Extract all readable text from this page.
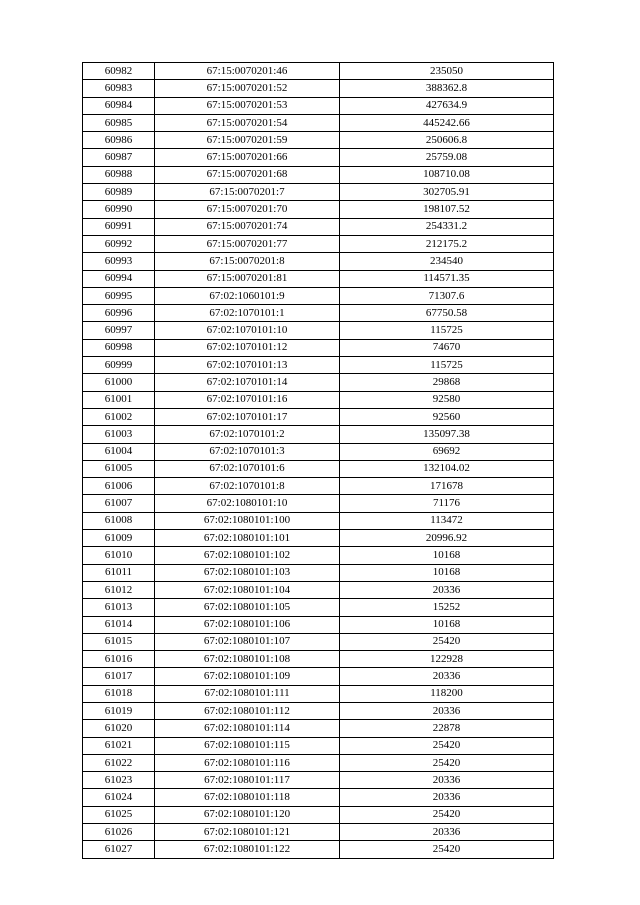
60982	67:15:0070201:46	235050
60983	67:15:0070201:52	388362.8
60984	67:15:0070201:53	427634.9
60985	67:15:0070201:54	445242.66
60986	67:15:0070201:59	250606.8
60987	67:15:0070201:66	25759.08
60988	67:15:0070201:68	108710.08
60989	67:15:0070201:7	302705.91
60990	67:15:0070201:70	198107.52
60991	67:15:0070201:74	254331.2
60992	67:15:0070201:77	212175.2
60993	67:15:0070201:8	234540
60994	67:15:0070201:81	114571.35
60995	67:02:1060101:9	71307.6
60996	67:02:1070101:1	67750.58
60997	67:02:1070101:10	115725
60998	67:02:1070101:12	74670
60999	67:02:1070101:13	115725
61000	67:02:1070101:14	29868
61001	67:02:1070101:16	92580
61002	67:02:1070101:17	92560
61003	67:02:1070101:2	135097.38
61004	67:02:1070101:3	69692
61005	67:02:1070101:6	132104.02
61006	67:02:1070101:8	171678
61007	67:02:1080101:10	71176
61008	67:02:1080101:100	113472
61009	67:02:1080101:101	20996.92
61010	67:02:1080101:102	10168
61011	67:02:1080101:103	10168
61012	67:02:1080101:104	20336
61013	67:02:1080101:105	15252
61014	67:02:1080101:106	10168
61015	67:02:1080101:107	25420
61016	67:02:1080101:108	122928
61017	67:02:1080101:109	20336
61018	67:02:1080101:111	118200
61019	67:02:1080101:112	20336
61020	67:02:1080101:114	22878
61021	67:02:1080101:115	25420
61022	67:02:1080101:116	25420
61023	67:02:1080101:117	20336
61024	67:02:1080101:118	20336
61025	67:02:1080101:120	25420
61026	67:02:1080101:121	20336
61027	67:02:1080101:122	25420
